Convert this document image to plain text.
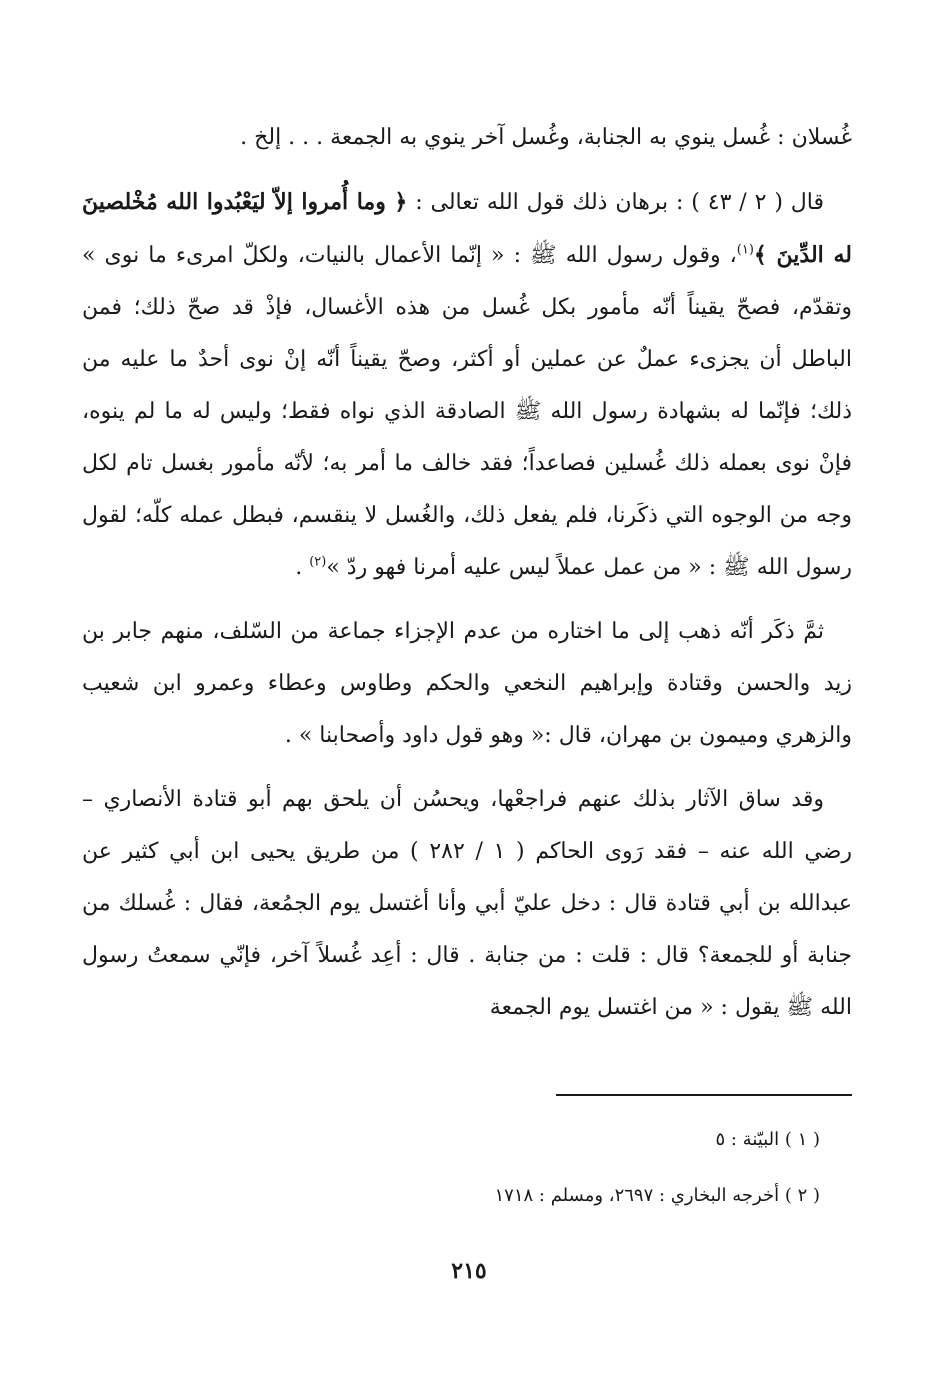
غُسلان : غُسل ينوي به الجنابة، وغُسل آخر ينوي به الجمعة . . . إلخ .

قال ( ٢ / ٤٣ ) : برهان ذلك قول الله تعالى : ﴿ وما أُمروا إلاّ ليَعْبُدوا الله مُخْلصينَ له الدِّينَ ﴾$^{(١)}$، وقول رسول الله ﷺ : « إنّما الأعمال بالنيات، ولكلّ امرىء ما نوى » وتقدّم، فصحّ يقيناً أنّه مأمور بكل غُسل من هذه الأغسال، فإذْ قد صحّ ذلك؛ فمن الباطل أن يجزىء عملٌ عن عملين أو أكثر، وصحّ يقيناً أنّه إنْ نوى أحدٌ ما عليه من ذلك؛ فإنّما له بشهادة رسول الله ﷺ الصادقة الذي نواه فقط؛ وليس له ما لم ينوه، فإنْ نوى بعمله ذلك غُسلين فصاعداً؛ فقد خالف ما أمر به؛ لأنّه مأمور بغسل تام لكل وجه من الوجوه التي ذكَرنا، فلم يفعل ذلك، والغُسل لا ينقسم، فبطل عمله كلّه؛ لقول رسول الله ﷺ : « من عمل عملاً ليس عليه أمرنا فهو ردّ »$^{(٢)}$ .

ثمَّ ذكَر أنّه ذهب إلى ما اختاره من عدم الإجزاء جماعة من السّلف، منهم جابر بن زيد والحسن وقتادة وإبراهيم النخعي والحكم وطاوس وعطاء وعمرو ابن شعيب والزهري وميمون بن مهران، قال :« وهو قول داود وأصحابنا » .

وقد ساق الآثار بذلك عنهم فراجعْها، ويحسُن أن يلحق بهم أبو قتادة الأنصاري – رضي الله عنه – فقد رَوى الحاكم ( ١ / ٢٨٢ ) من طريق يحيى ابن أبي كثير عن عبدالله بن أبي قتادة قال : دخل عليّ أبي وأنا أغتسل يوم الجمُعة، فقال : غُسلك من جنابة أو للجمعة؟ قال : قلت : من جنابة . قال : أعِد غُسلاً آخر، فإنّي سمعتُ رسول الله ﷺ يقول : « من اغتسل يوم الجمعة

( ١ ) البيّنة : ٥

( ٢ ) أخرجه البخاري : ٢٦٩٧، ومسلم : ١٧١٨

٢١٥
